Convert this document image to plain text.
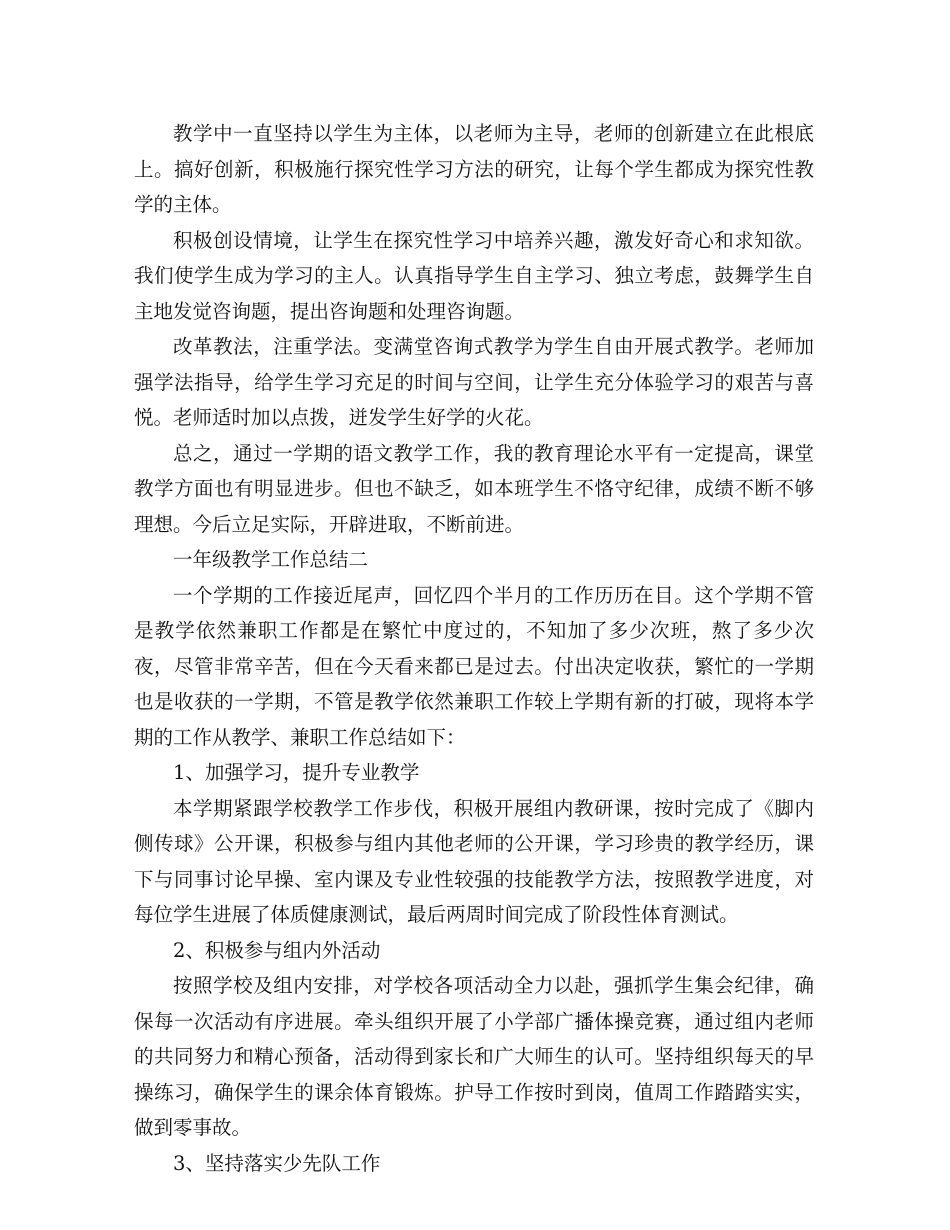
教学中一直坚持以学生为主体，以老师为主导，老师的创新建立在此根底上。搞好创新，积极施行探究性学习方法的研究，让每个学生都成为探究性教学的主体。

积极创设情境，让学生在探究性学习中培养兴趣，激发好奇心和求知欲。我们使学生成为学习的主人。认真指导学生自主学习、独立考虑，鼓舞学生自主地发觉咨询题，提出咨询题和处理咨询题。

改革教法，注重学法。变满堂咨询式教学为学生自由开展式教学。老师加强学法指导，给学生学习充足的时间与空间，让学生充分体验学习的艰苦与喜悦。老师适时加以点拨，迸发学生好学的火花。

总之，通过一学期的语文教学工作，我的教育理论水平有一定提高，课堂教学方面也有明显进步。但也不缺乏，如本班学生不恪守纪律，成绩不断不够理想。今后立足实际，开辟进取，不断前进。

一年级教学工作总结二

一个学期的工作接近尾声，回忆四个半月的工作历历在目。这个学期不管是教学依然兼职工作都是在繁忙中度过的，不知加了多少次班，熬了多少次夜，尽管非常辛苦，但在今天看来都已是过去。付出决定收获，繁忙的一学期也是收获的一学期，不管是教学依然兼职工作较上学期有新的打破，现将本学期的工作从教学、兼职工作总结如下：

1、加强学习，提升专业教学

本学期紧跟学校教学工作步伐，积极开展组内教研课，按时完成了《脚内侧传球》公开课，积极参与组内其他老师的公开课，学习珍贵的教学经历，课下与同事讨论早操、室内课及专业性较强的技能教学方法，按照教学进度，对每位学生进展了体质健康测试，最后两周时间完成了阶段性体育测试。

2、积极参与组内外活动

按照学校及组内安排，对学校各项活动全力以赴，强抓学生集会纪律，确保每一次活动有序进展。牵头组织开展了小学部广播体操竞赛，通过组内老师的共同努力和精心预备，活动得到家长和广大师生的认可。坚持组织每天的早操练习，确保学生的课余体育锻炼。护导工作按时到岗，值周工作踏踏实实，做到零事故。

3、坚持落实少先队工作
